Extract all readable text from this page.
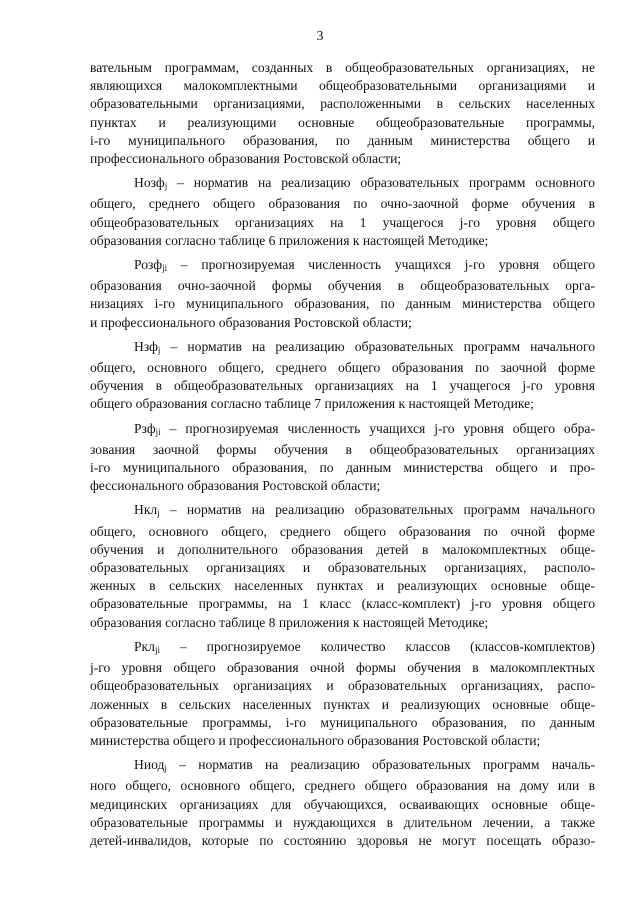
3
вательным программам, созданных в общеобразовательных организациях, не
являющихся малокомплектными общеобразовательными организациями и
образовательными организациями, расположенными в сельских населенных
пунктах и реализующими основные общеобразовательные программы,
i-го муниципального образования, по данным министерства общего и
профессионального образования Ростовской области;
Нозф$_j$ – норматив на реализацию образовательных программ основного
общего, среднего общего образования по очно-заочной форме обучения в
общеобразовательных организациях на 1 учащегося j-го уровня общего
образования согласно таблице 6 приложения к настоящей Методике;
Розф$_{ji}$ – прогнозируемая численность учащихся j-го уровня общего
образования очно-заочной формы обучения в общеобразовательных орга-
низациях i-го муниципального образования, по данным министерства общего
и профессионального образования Ростовской области;
Нзф$_j$ – норматив на реализацию образовательных программ начального
общего, основного общего, среднего общего образования по заочной форме
обучения в общеобразовательных организациях на 1 учащегося j-го уровня
общего образования согласно таблице 7 приложения к настоящей Методике;
Рзф$_{ji}$ – прогнозируемая численность учащихся j-го уровня общего обра-
зования заочной формы обучения в общеобразовательных организациях
i-го муниципального образования, по данным министерства общего и про-
фессионального образования Ростовской области;
Нкл$_j$ – норматив на реализацию образовательных программ начального
общего, основного общего, среднего общего образования по очной форме
обучения и дополнительного образования детей в малокомплектных обще-
образовательных организациях и образовательных организациях, располо-
женных в сельских населенных пунктах и реализующих основные обще-
образовательные программы, на 1 класс (класс-комплект) j-го уровня общего
образования согласно таблице 8 приложения к настоящей Методике;
Ркл$_{ji}$ – прогнозируемое количество классов (классов-комплектов)
j-го уровня общего образования очной формы обучения в малокомплектных
общеобразовательных организациях и образовательных организациях, распо-
ложенных в сельских населенных пунктах и реализующих основные обще-
образовательные программы, i-го муниципального образования, по данным
министерства общего и профессионального образования Ростовской области;
Ниод$_j$ – норматив на реализацию образовательных программ началь-
ного общего, основного общего, среднего общего образования на дому или в
медицинских организациях для обучающихся, осваивающих основные обще-
образовательные программы и нуждающихся в длительном лечении, а также
детей-инвалидов, которые по состоянию здоровья не могут посещать образо-
